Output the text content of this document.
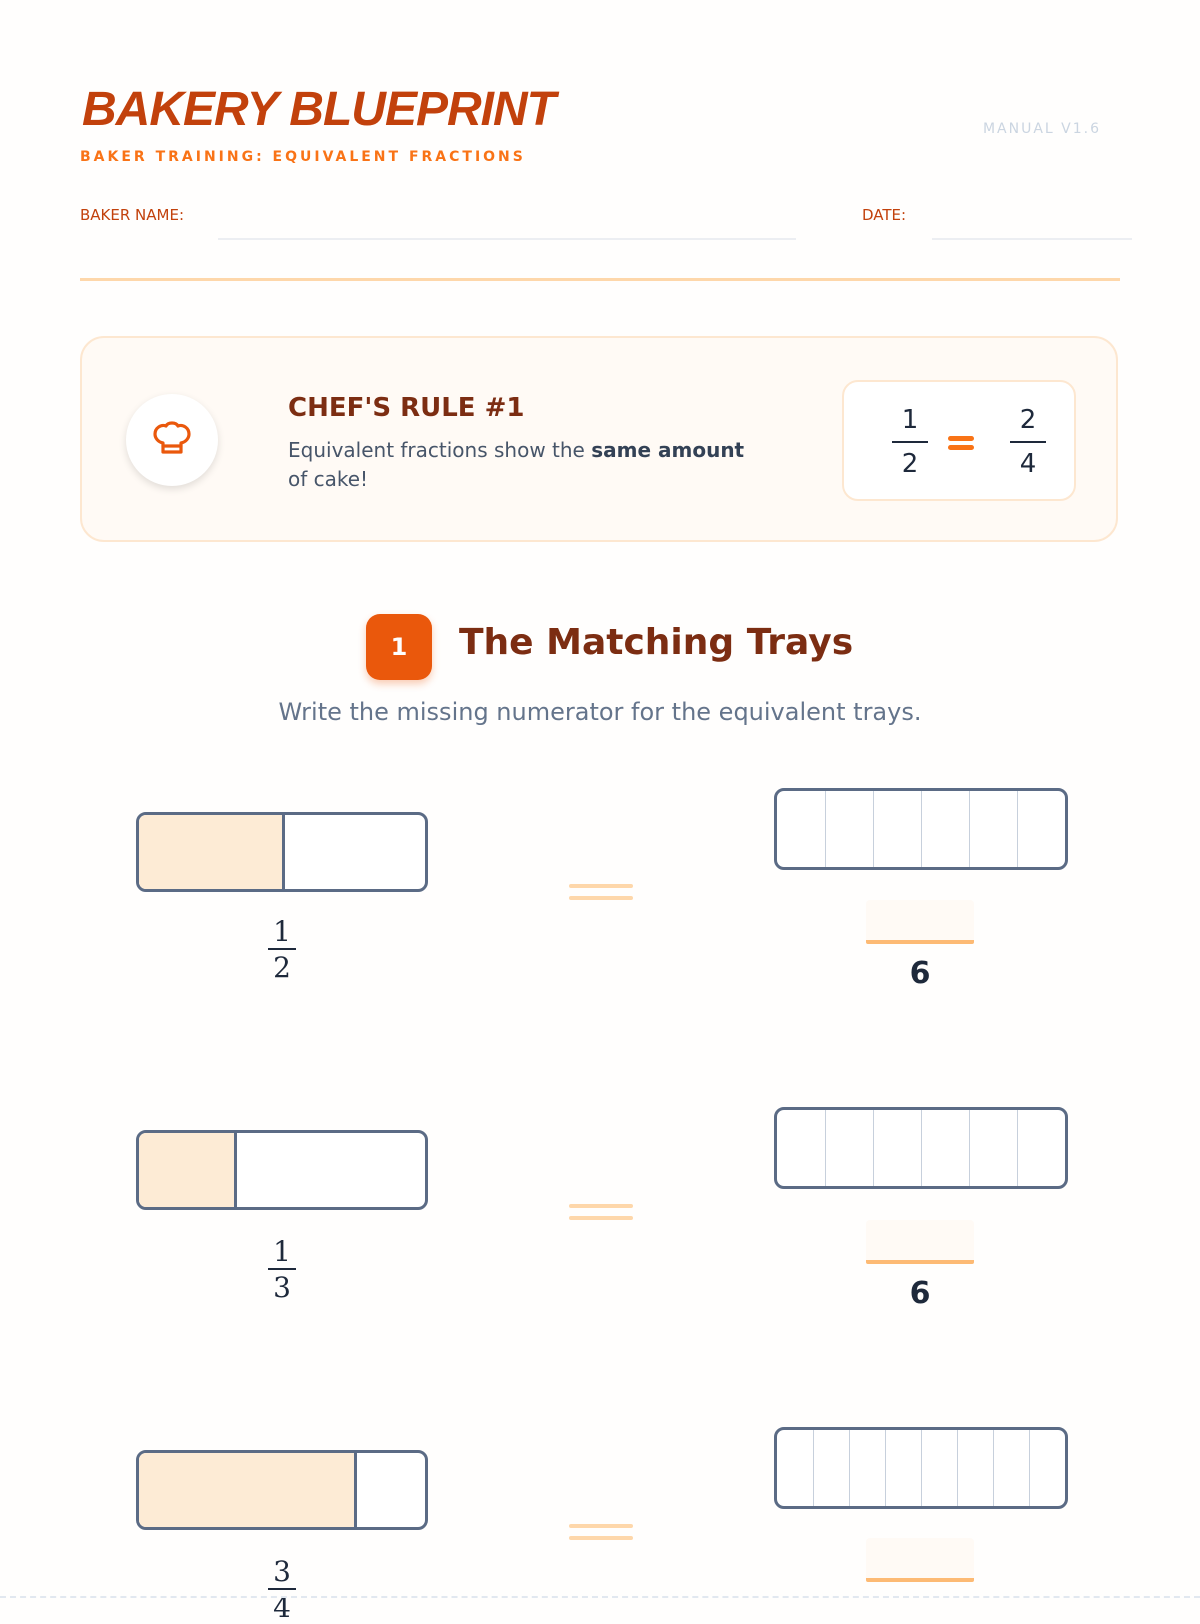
BAKERY BLUEPRINT
BAKER TRAINING: EQUIVALENT FRACTIONS
MANUAL V1.6
BAKER NAME:	DATE:
CHEF'S RULE #1
Equivalent fractions show the same amount of cake!
1
2
2
4
1	The Matching Trays
Write the missing numerator for the equivalent trays.
1
2	6
1
3	6
3
4
